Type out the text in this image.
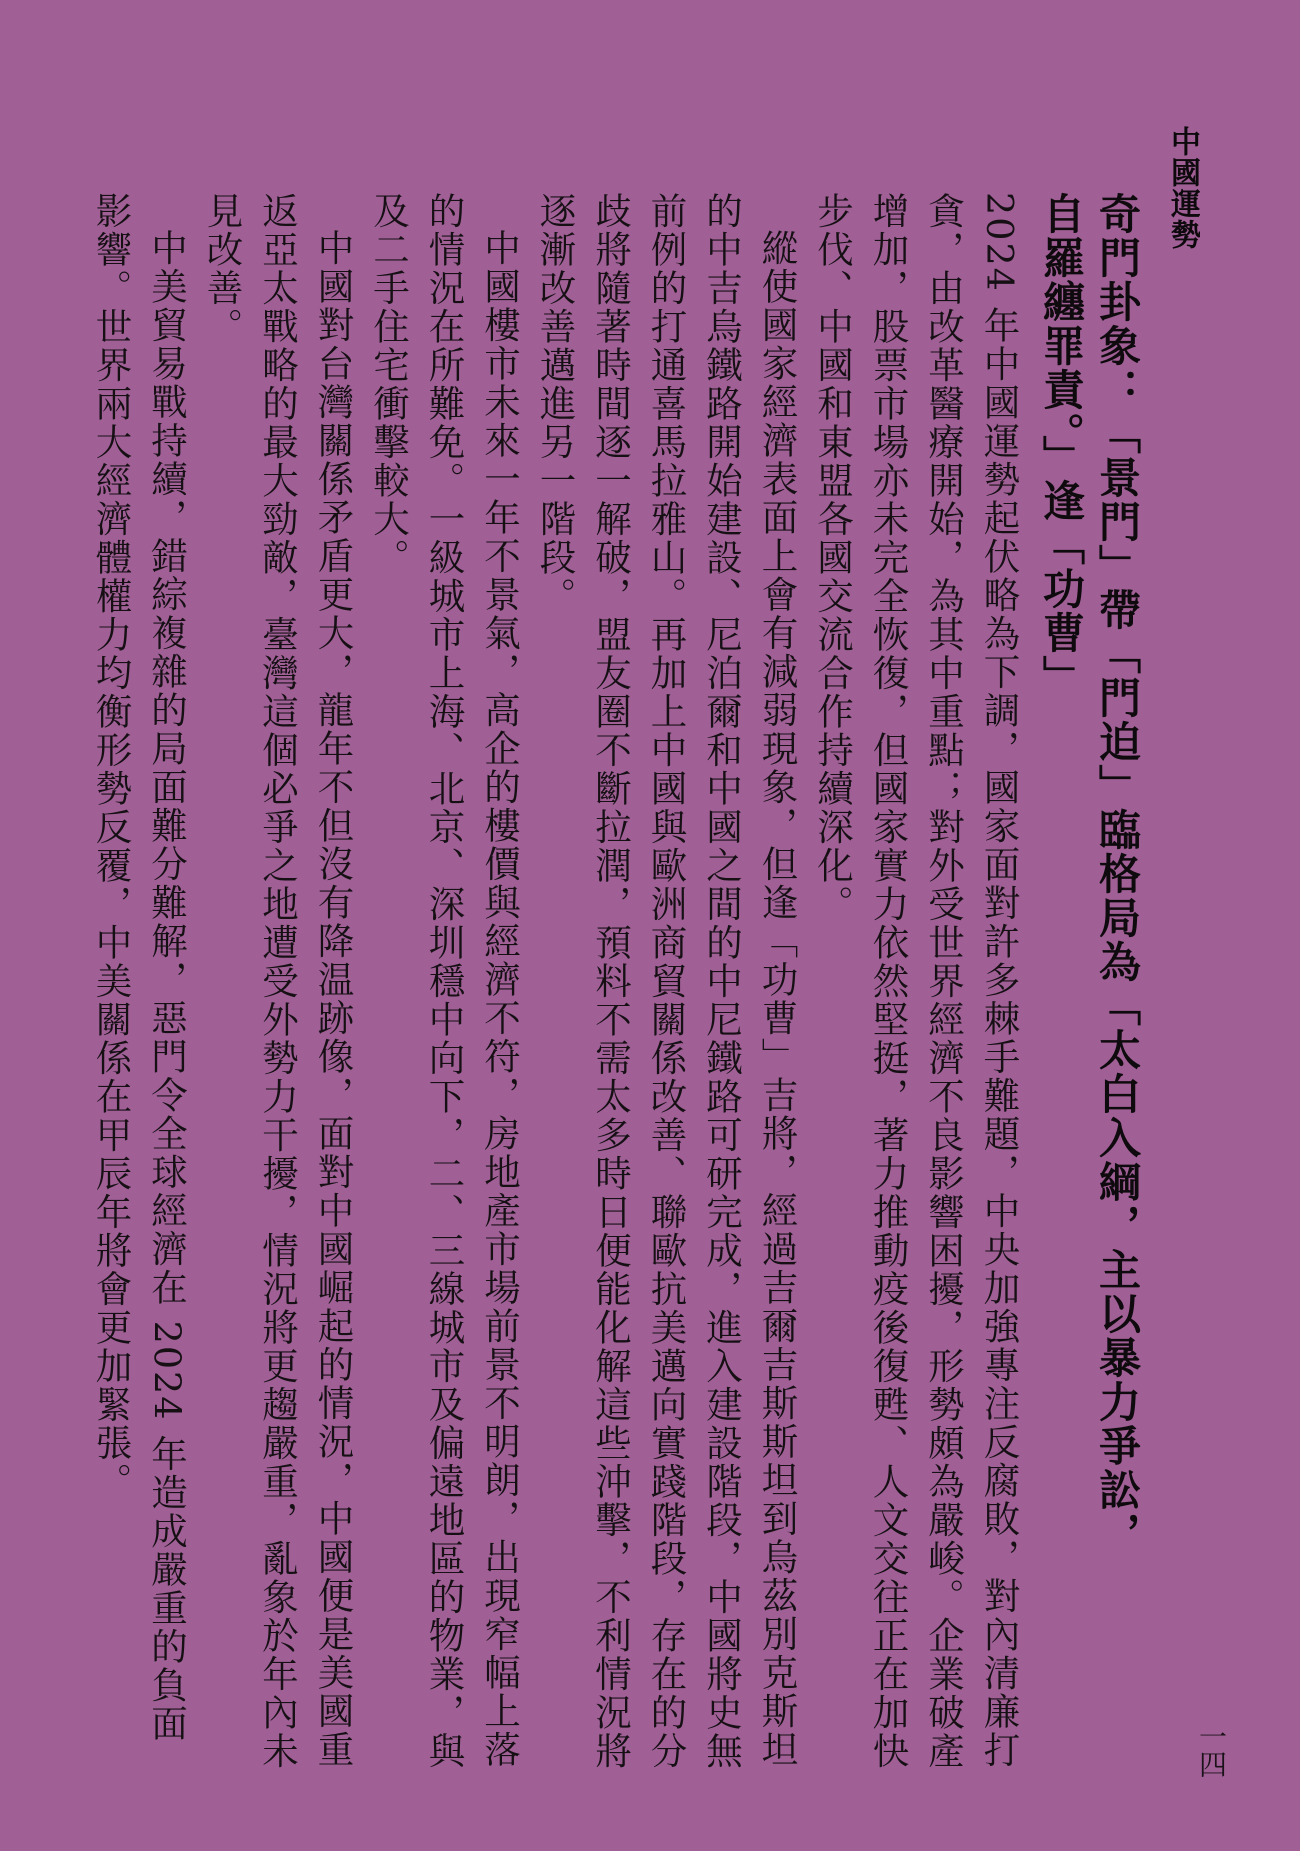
中國運勢
奇門卦象：「景門」帶「門迫」臨格局為「太白入綱，主以暴力爭訟，
自羅纏罪責。」逢「功曹」

2024 年中國運勢起伏略為下調，國家面對許多棘手難題，中央加強專注反腐敗，對內清廉打貪，由改革醫療開始，為其中重點；對外受世界經濟不良影響困擾，形勢頗為嚴峻。企業破產增加，股票市場亦未完全恢復，但國家實力依然堅挺，著力推動疫後復甦、人文交往正在加快步伐、中國和東盟各國交流合作持續深化。

縱使國家經濟表面上會有減弱現象，但逢「功曹」吉將，經過吉爾吉斯斯坦到烏茲別克斯坦的中吉烏鐵路開始建設、尼泊爾和中國之間的中尼鐵路可研完成，進入建設階段，中國將史無前例的打通喜馬拉雅山。再加上中國與歐洲商貿關係改善、聯歐抗美邁向實踐階段，存在的分歧將隨著時間逐一解破，盟友圈不斷拉潤，預料不需太多時日便能化解這些沖擊，不利情況將逐漸改善邁進另一階段。

中國樓市未來一年不景氣，高企的樓價與經濟不符，房地產市場前景不明朗，出現窄幅上落的情況在所難免。一級城市上海、北京、深圳穩中向下，二、三線城市及偏遠地區的物業，與及二手住宅衝擊較大。

中國對台灣關係矛盾更大，龍年不但沒有降温跡像，面對中國崛起的情況，中國便是美國重返亞太戰略的最大勁敵，臺灣這個必爭之地遭受外勢力干擾，情況將更趨嚴重，亂象於年內未見改善。

中美貿易戰持續，錯綜複雜的局面難分難解，惡門令全球經濟在 2024 年造成嚴重的負面影響。世界兩大經濟體權力均衡形勢反覆，中美關係在甲辰年將會更加緊張。

一四
